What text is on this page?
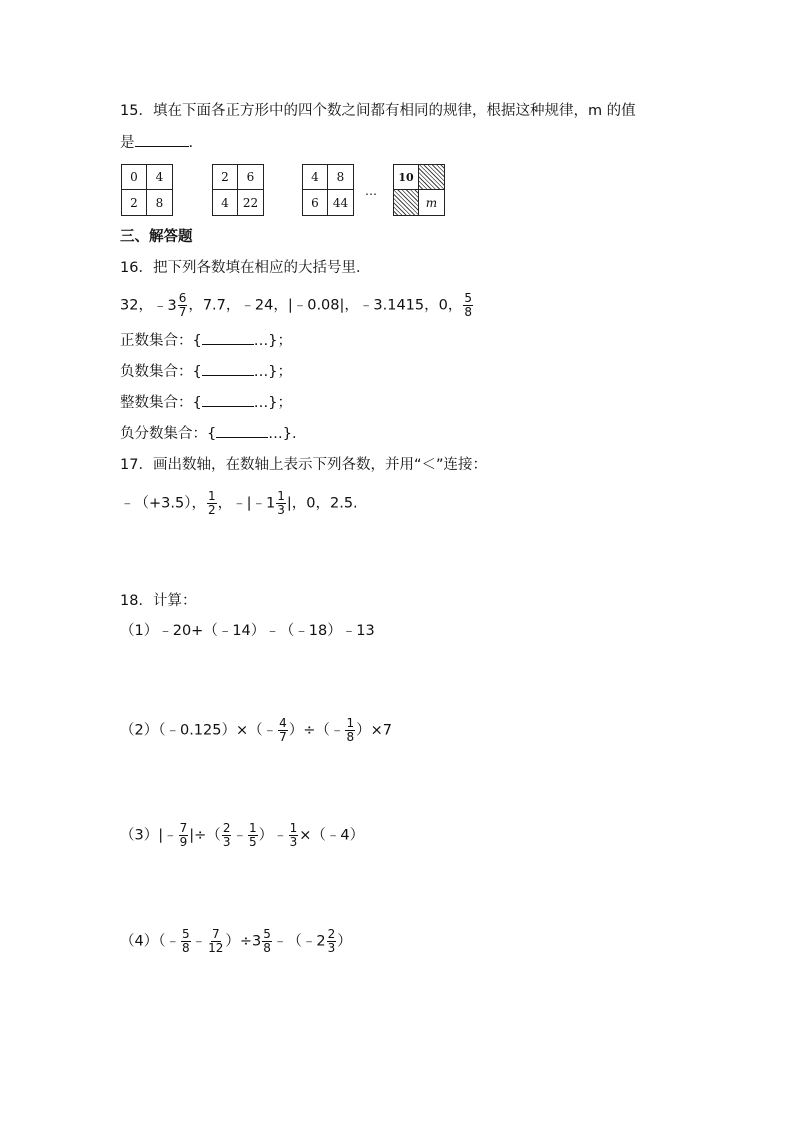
15．填在下面各正方形中的四个数之间都有相同的规律，根据这种规律，m 的值
是	.
0	4
2	8
2	6
4	22
4	8
6	44
…
10
m
三、解答题
16．把下列各数填在相应的大括号里．
32， ﹣3 $\frac{6}{7}$ ，7.7，﹣24，|﹣0.08|，﹣3.1415，0， $\frac{5}{8}$
正数集合：{	…}；
负数集合：{	…}；
整数集合：{	…}；
负分数集合：{	…}.
17．画出数轴，在数轴上表示下列各数，并用“＜”连接：
﹣（+3.5）， $\frac{1}{2}$ ，﹣|﹣1 $\frac{1}{3}$ |，0，2.5.
18．计算：
（1）﹣20+（﹣14）﹣（﹣18）﹣13
（2）（﹣0.125）×（﹣ $\frac{4}{7}$ ）÷（﹣ $\frac{1}{8} )\times 7$
（3）|﹣ $\frac{7}{9}$ |÷（ $\frac{2}{3}$ ﹣ $\frac{1}{5}$ ）﹣ $\frac{1}{3}$ ×（﹣4）
（4）（﹣ $\frac{5}{8}$ ﹣ $\frac{7}{12} )\div 3 \frac{5}{8}$ ﹣（﹣2 $\frac{2}{3}$ ）
